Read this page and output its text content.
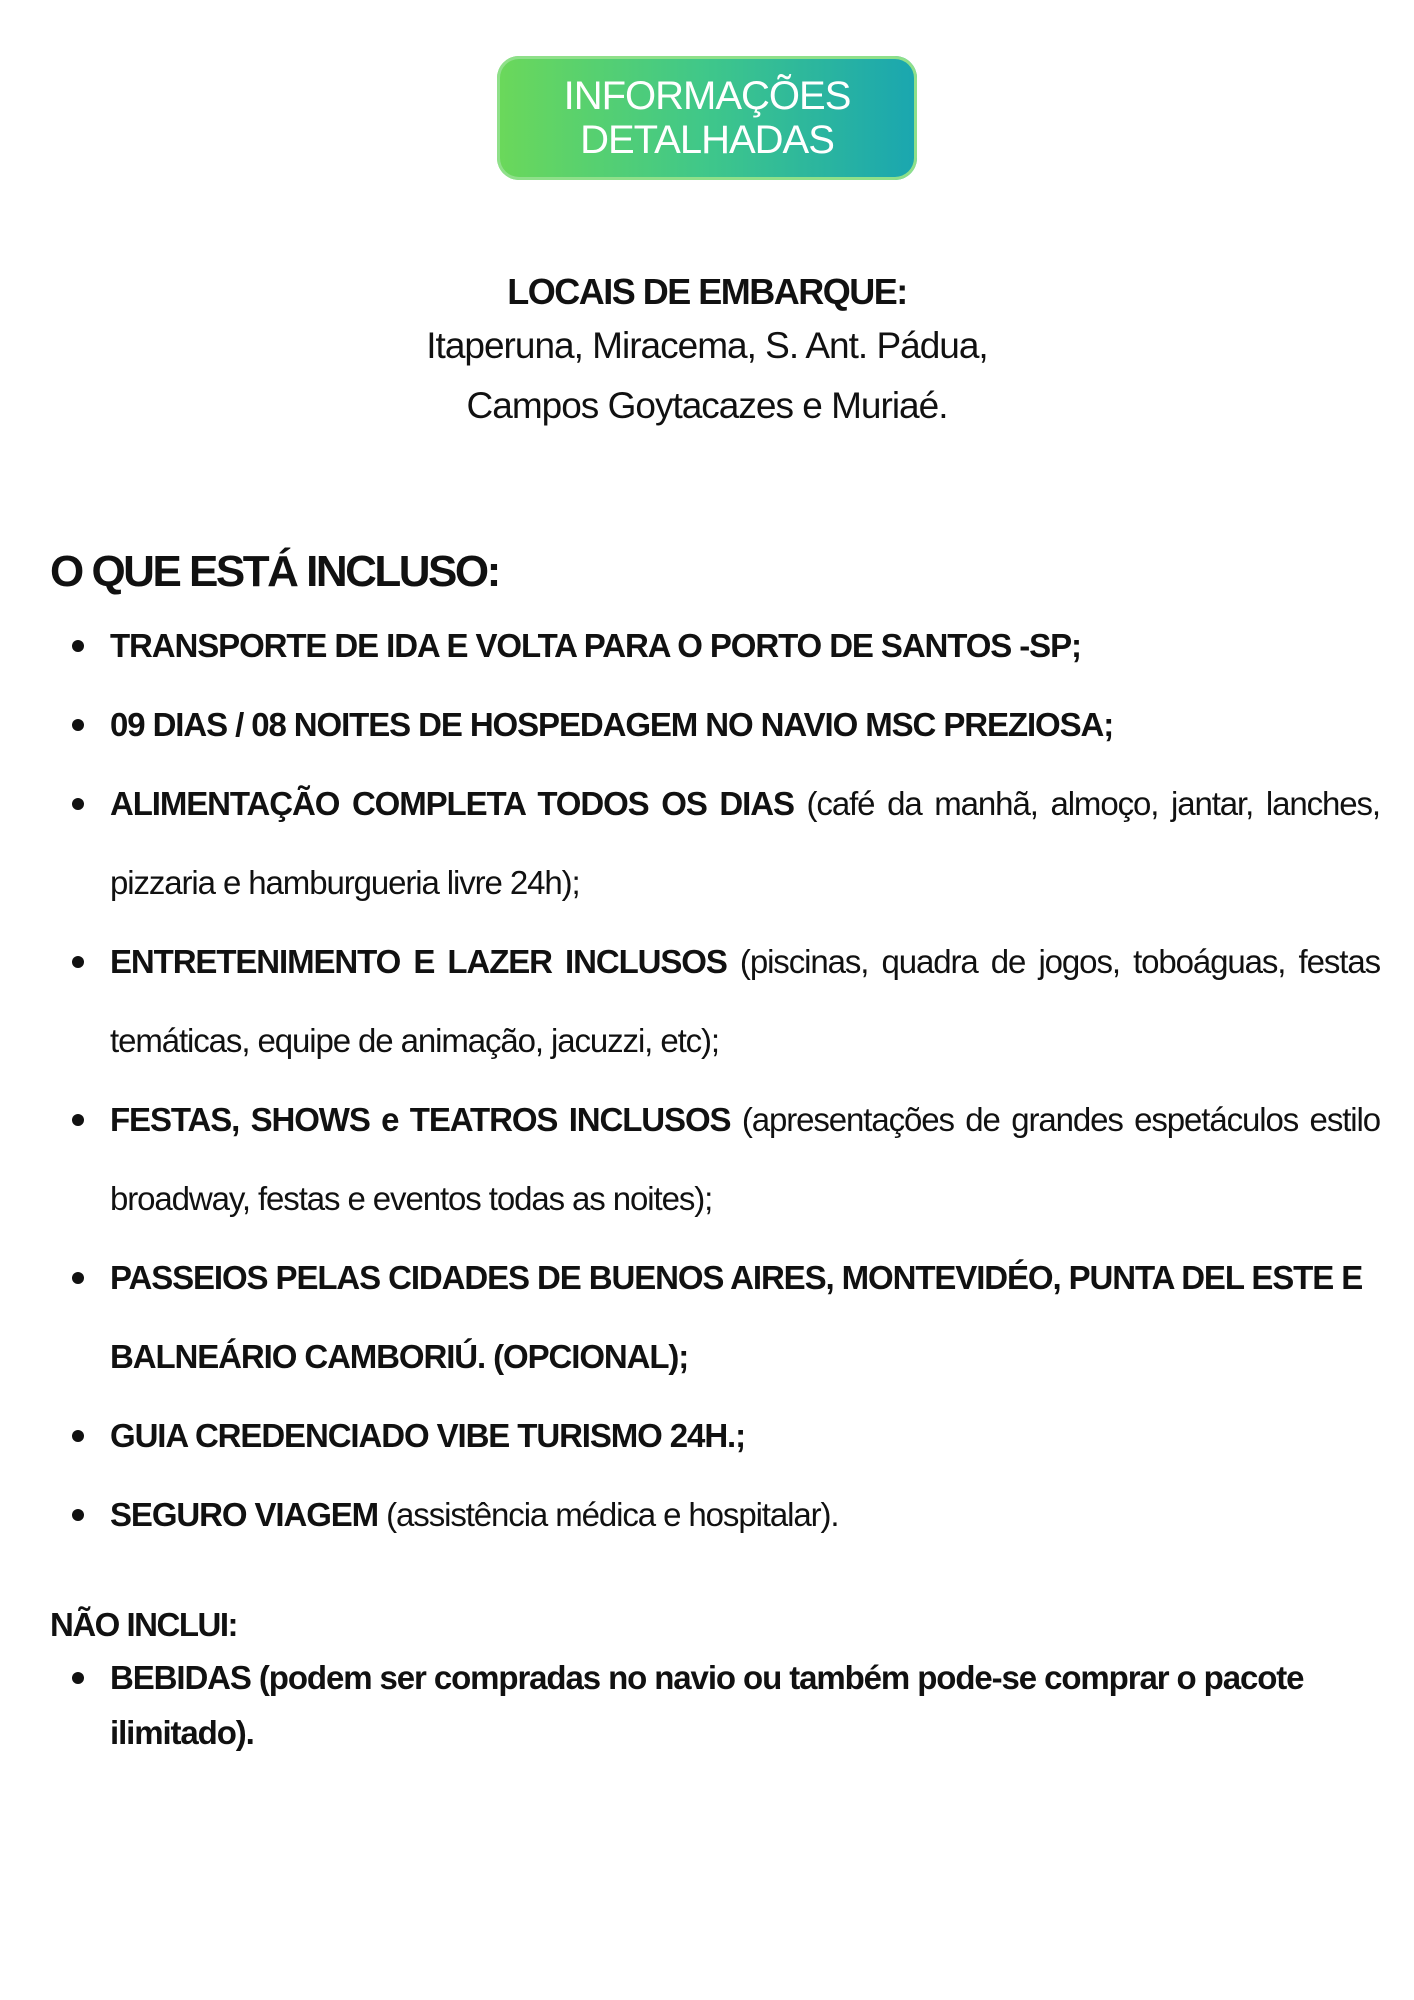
INFORMAÇÕES
DETALHADAS
LOCAIS DE EMBARQUE:
Itaperuna, Miracema, S. Ant. Pádua,
Campos Goytacazes e Muriaé.
O QUE ESTÁ INCLUSO:
TRANSPORTE DE IDA E VOLTA PARA O PORTO DE SANTOS -SP;
09 DIAS / 08 NOITES DE HOSPEDAGEM NO NAVIO MSC PREZIOSA;
ALIMENTAÇÃO COMPLETA TODOS OS DIAS (café da manhã, almoço, jantar, lanches, pizzaria e hamburgueria livre 24h);
ENTRETENIMENTO E LAZER INCLUSOS (piscinas, quadra de jogos, toboáguas, festas temáticas, equipe de animação, jacuzzi, etc);
FESTAS, SHOWS e TEATROS INCLUSOS (apresentações de grandes espetáculos estilo broadway, festas e eventos todas as noites);
PASSEIOS PELAS CIDADES DE BUENOS AIRES, MONTEVIDÉO, PUNTA DEL ESTE E BALNEÁRIO CAMBORIÚ. (OPCIONAL);
GUIA CREDENCIADO VIBE TURISMO 24H.;
SEGURO VIAGEM (assistência médica e hospitalar).
NÃO INCLUI:
BEBIDAS (podem ser compradas no navio ou também pode-se comprar o pacote ilimitado).
